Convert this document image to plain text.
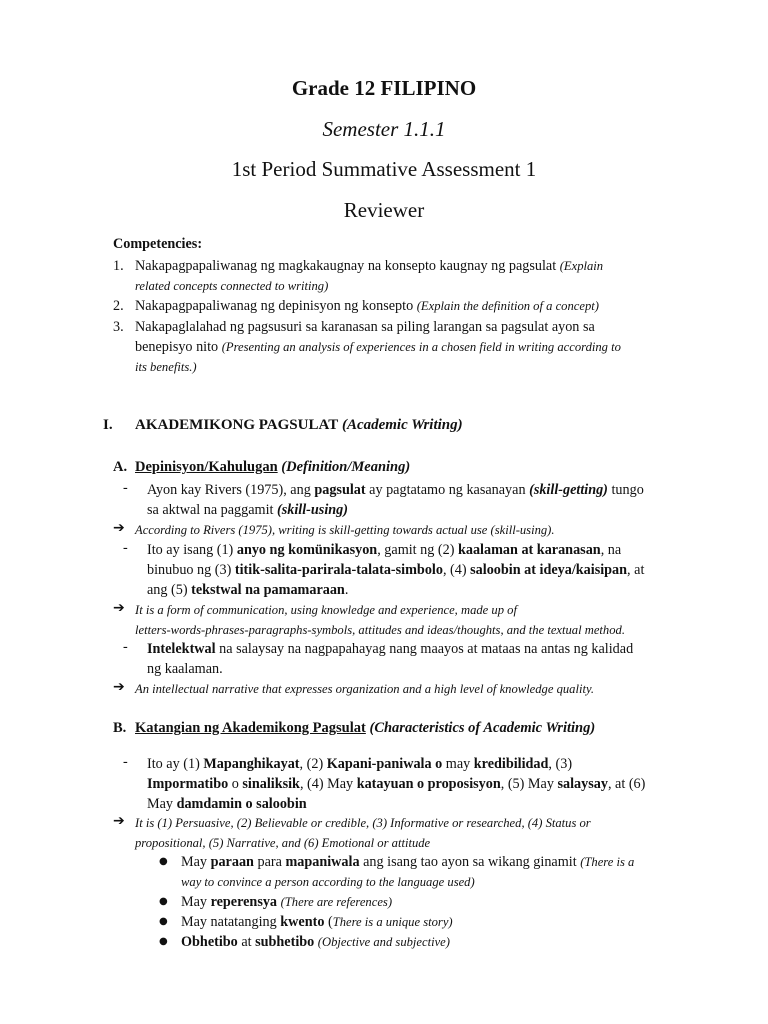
Grade 12 FILIPINO
Semester 1.1.1
1st Period Summative Assessment 1
Reviewer
Competencies:
1. Nakapagpapaliwanag ng magkakaugnay na konsepto kaugnay ng pagsulat (Explain
related concepts connected to writing)
2. Nakapagpapaliwanag ng depinisyon ng konsepto (Explain the definition of a concept)
3. Nakapaglalahad ng pagsusuri sa karanasan sa piling larangan sa pagsulat ayon sa
benepisyo nito (Presenting an analysis of experiences in a chosen field in writing according to
its benefits.)
I. AKADEMIKONG PAGSULAT (Academic Writing)
A. Depinisyon/Kahulugan (Definition/Meaning)
- Ayon kay Rivers (1975), ang pagsulat ay pagtatamo ng kasanayan (skill-getting) tungo
sa aktwal na paggamit (skill-using)
➔ According to Rivers (1975), writing is skill-getting towards actual use (skill-using).
- Ito ay isang (1) anyo ng komünikasyon, gamit ng (2) kaalaman at karanasan, na
binubuo ng (3) titik-salita-parirala-talata-simbolo, (4) saloobin at ideya/kaisipan, at
ang (5) tekstwal na pamamaraan.
➔ It is a form of communication, using knowledge and experience, made up of
letters-words-phrases-paragraphs-symbols, attitudes and ideas/thoughts, and the textual method.
- Intelektwal na salaysay na nagpapahayag nang maayos at mataas na antas ng kalidad
ng kaalaman.
➔ An intellectual narrative that expresses organization and a high level of knowledge quality.
B. Katangian ng Akademikong Pagsulat (Characteristics of Academic Writing)
- Ito ay (1) Mapanghikayat, (2) Kapani-paniwala o may kredibilidad, (3)
Impormatibo o sinaliksik, (4) May katayuan o proposisyon, (5) May salaysay, at (6)
May damdamin o saloobin
➔ It is (1) Persuasive, (2) Believable or credible, (3) Informative or researched, (4) Status or
propositional, (5) Narrative, and (6) Emotional or attitude
● May paraan para mapaniwala ang isang tao ayon sa wikang ginamit (There is a
way to convince a person according to the language used)
● May reperensya (There are references)
● May natatanging kwento (There is a unique story)
● Obhetibo at subhetibo (Objective and subjective)
